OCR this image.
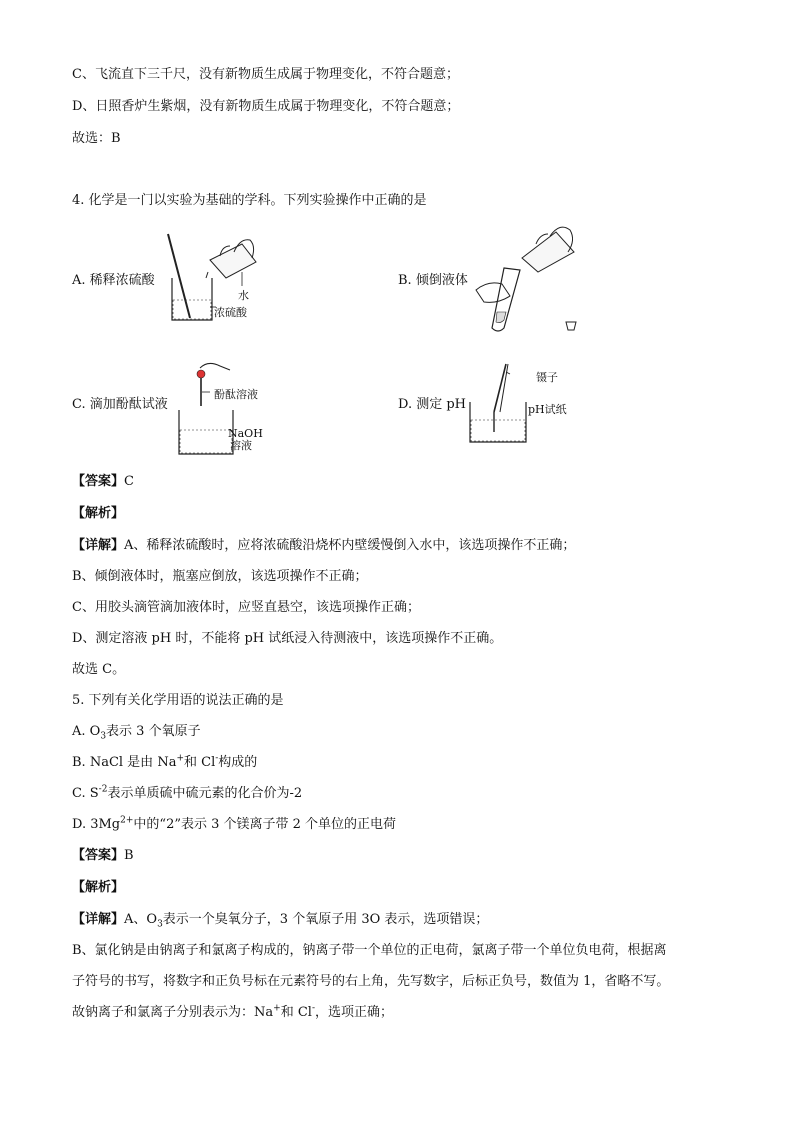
C、飞流直下三千尺，没有新物质生成属于物理变化，不符合题意；
D、日照香炉生紫烟，没有新物质生成属于物理变化，不符合题意；
故选：B
4. 化学是一门以实验为基础的学科。下列实验操作中正确的是
A. 稀释浓硫酸
水
浓硫酸
B. 倾倒液体
C. 滴加酚酞试液
酚酞溶液
NaOH
溶液
D. 测定 pH
镊子
pH试纸
【答案】C
【解析】
【详解】A、稀释浓硫酸时，应将浓硫酸沿烧杯内壁缓慢倒入水中，该选项操作不正确；
B、倾倒液体时，瓶塞应倒放，该选项操作不正确；
C、用胶头滴管滴加液体时，应竖直悬空，该选项操作正确；
D、测定溶液 pH 时，不能将 pH 试纸浸入待测液中，该选项操作不正确。
故选 C。
5. 下列有关化学用语的说法正确的是
A. $O_3$表示 3 个氧原子
B. NaCl 是由 Na+和 Cl-构成的
C. $S^{-2}$表示单质硫中硫元素的化合价为-2
D. $3Mg^{2+}$中的“2”表示 3 个镁离子带 2 个单位的正电荷
【答案】B
【解析】
【详解】A、$O_3$表示一个臭氧分子，3 个氧原子用 3O 表示，选项错误；
B、氯化钠是由钠离子和氯离子构成的，钠离子带一个单位的正电荷，氯离子带一个单位负电荷，根据离
子符号的书写，将数字和正负号标在元素符号的右上角，先写数字，后标正负号，数值为 1，省略不写。
故钠离子和氯离子分别表示为：Na+和 Cl-，选项正确；
